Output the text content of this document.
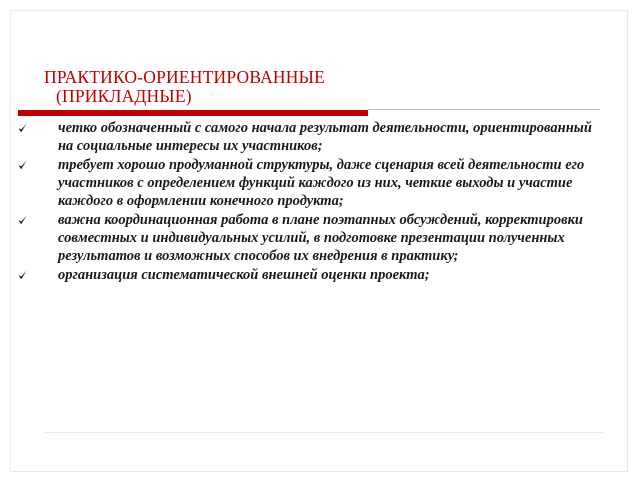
ПРАКТИКО-ОРИЕНТИРОВАННЫЕ
(ПРИКЛАДНЫЕ)
четко обозначенный с самого начала результат деятельности, ориентированный на социальные интересы их участников;
требует хорошо продуманной структуры, даже сценария всей деятельности его участников с определением функций каждого из них, четкие выходы и участие каждого в оформлении конечного продукта;
важна координационная работа в плане поэтапных обсуждений, корректировки совместных и индивидуальных усилий, в подготовке презентации полученных результатов и возможных способов их внедрения в практику;
организация систематической внешней оценки проекта;
